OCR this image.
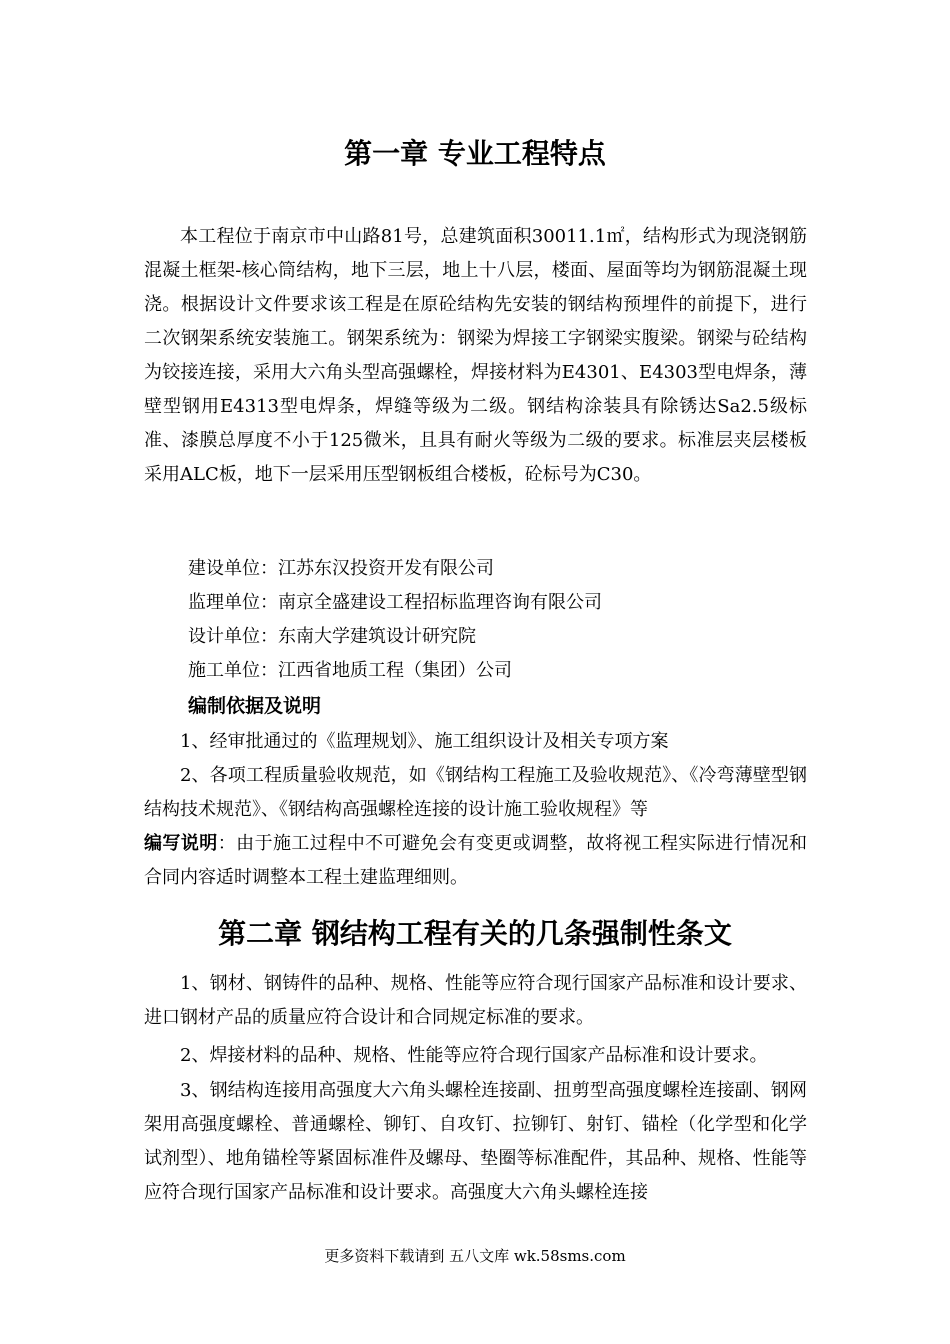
第一章 专业工程特点

本工程位于南京市中山路81号，总建筑面积30011.1㎡，结构形式为现浇钢筋混凝土框架-核心筒结构，地下三层，地上十八层，楼面、屋面等均为钢筋混凝土现浇。根据设计文件要求该工程是在原砼结构先安装的钢结构预埋件的前提下，进行二次钢架系统安装施工。钢架系统为：钢梁为焊接工字钢梁实腹梁。钢梁与砼结构为铰接连接，采用大六角头型高强螺栓，焊接材料为E4301、E4303型电焊条，薄壁型钢用E4313型电焊条，焊缝等级为二级。钢结构涂装具有除锈达Sa2.5级标准、漆膜总厚度不小于125微米，且具有耐火等级为二级的要求。标准层夹层楼板采用ALC板，地下一层采用压型钢板组合楼板，砼标号为C30。

建设单位：江苏东汉投资开发有限公司
监理单位：南京全盛建设工程招标监理咨询有限公司
设计单位：东南大学建筑设计研究院
施工单位：江西省地质工程（集团）公司
编制依据及说明
1、经审批通过的《监理规划》、施工组织设计及相关专项方案

2、各项工程质量验收规范，如《钢结构工程施工及验收规范》、《冷弯薄壁型钢结构技术规范》、《钢结构高强螺栓连接的设计施工验收规程》等

编写说明：由于施工过程中不可避免会有变更或调整，故将视工程实际进行情况和合同内容适时调整本工程土建监理细则。

第二章 钢结构工程有关的几条强制性条文

1、钢材、钢铸件的品种、规格、性能等应符合现行国家产品标准和设计要求、进口钢材产品的质量应符合设计和合同规定标准的要求。

2、焊接材料的品种、规格、性能等应符合现行国家产品标准和设计要求。

3、钢结构连接用高强度大六角头螺栓连接副、扭剪型高强度螺栓连接副、钢网架用高强度螺栓、普通螺栓、铆钉、自攻钉、拉铆钉、射钉、锚栓（化学型和化学试剂型）、地角锚栓等紧固标准件及螺母、垫圈等标准配件，其品种、规格、性能等应符合现行国家产品标准和设计要求。高强度大六角头螺栓连接

更多资料下载请到 五八文库 wk.58sms.com
